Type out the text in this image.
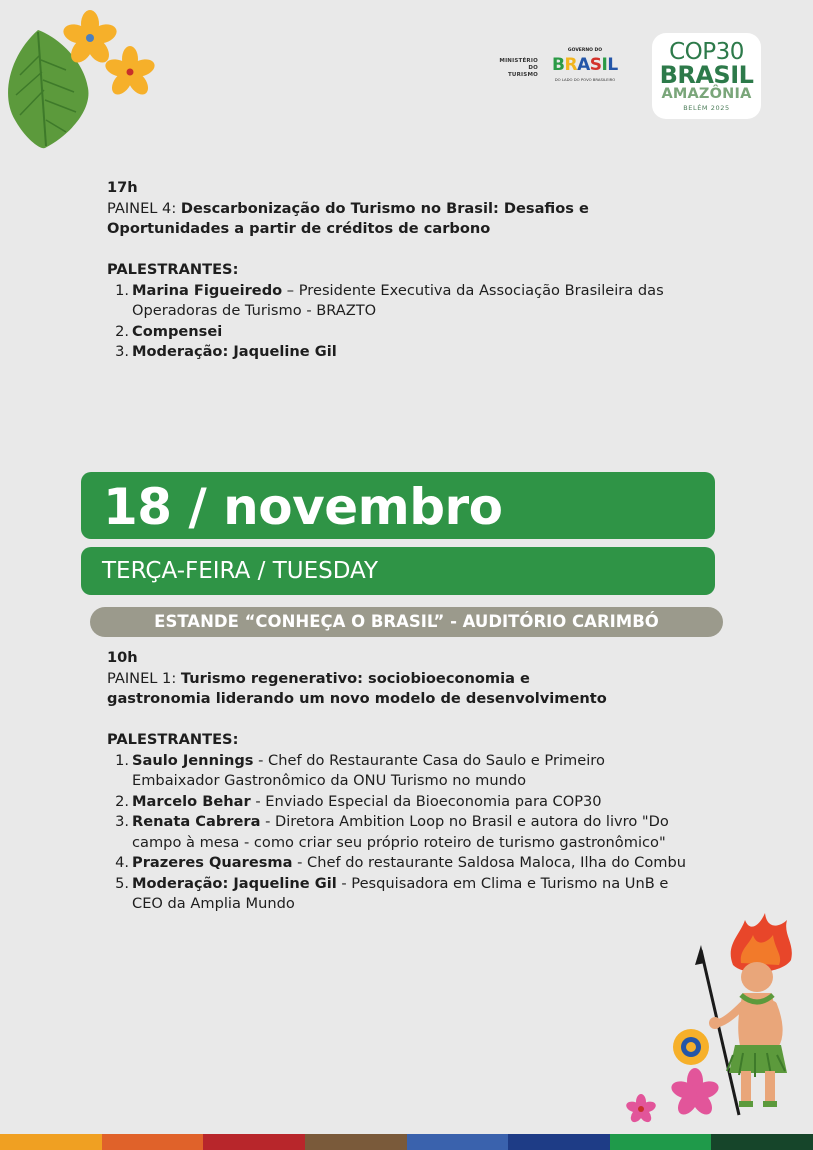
MINISTÉRIO DO
TURISMO
GOVERNO DO
BRASIL
DO LADO DO POVO BRASILEIRO
COP30
BRASIL
AMAZÔNIA
BELÉM 2025
17h
PAINEL 4: Descarbonização do Turismo no Brasil: Desafios e Oportunidades a partir de créditos de carbono
PALESTRANTES:
1. Marina Figueiredo – Presidente Executiva da Associação Brasileira das Operadoras de Turismo - BRAZTO
2. Compensei
3. Moderação: Jaqueline Gil
18 / novembro
TERÇA-FEIRA / TUESDAY
ESTANDE “CONHEÇA O BRASIL” - AUDITÓRIO CARIMBÓ
10h
PAINEL 1: Turismo regenerativo: sociobioeconomia e
gastronomia liderando um novo modelo de desenvolvimento
PALESTRANTES:
1. Saulo Jennings - Chef do Restaurante Casa do Saulo e Primeiro Embaixador Gastronômico da ONU Turismo no mundo
2. Marcelo Behar - Enviado Especial da Bioeconomia para COP30
3. Renata Cabrera - Diretora Ambition Loop no Brasil e autora do livro "Do campo à mesa - como criar seu próprio roteiro de turismo gastronômico"
4. Prazeres Quaresma - Chef do restaurante Saldosa Maloca, Ilha do Combu
5. Moderação: Jaqueline Gil - Pesquisadora em Clima e Turismo na UnB e CEO da Amplia Mundo
